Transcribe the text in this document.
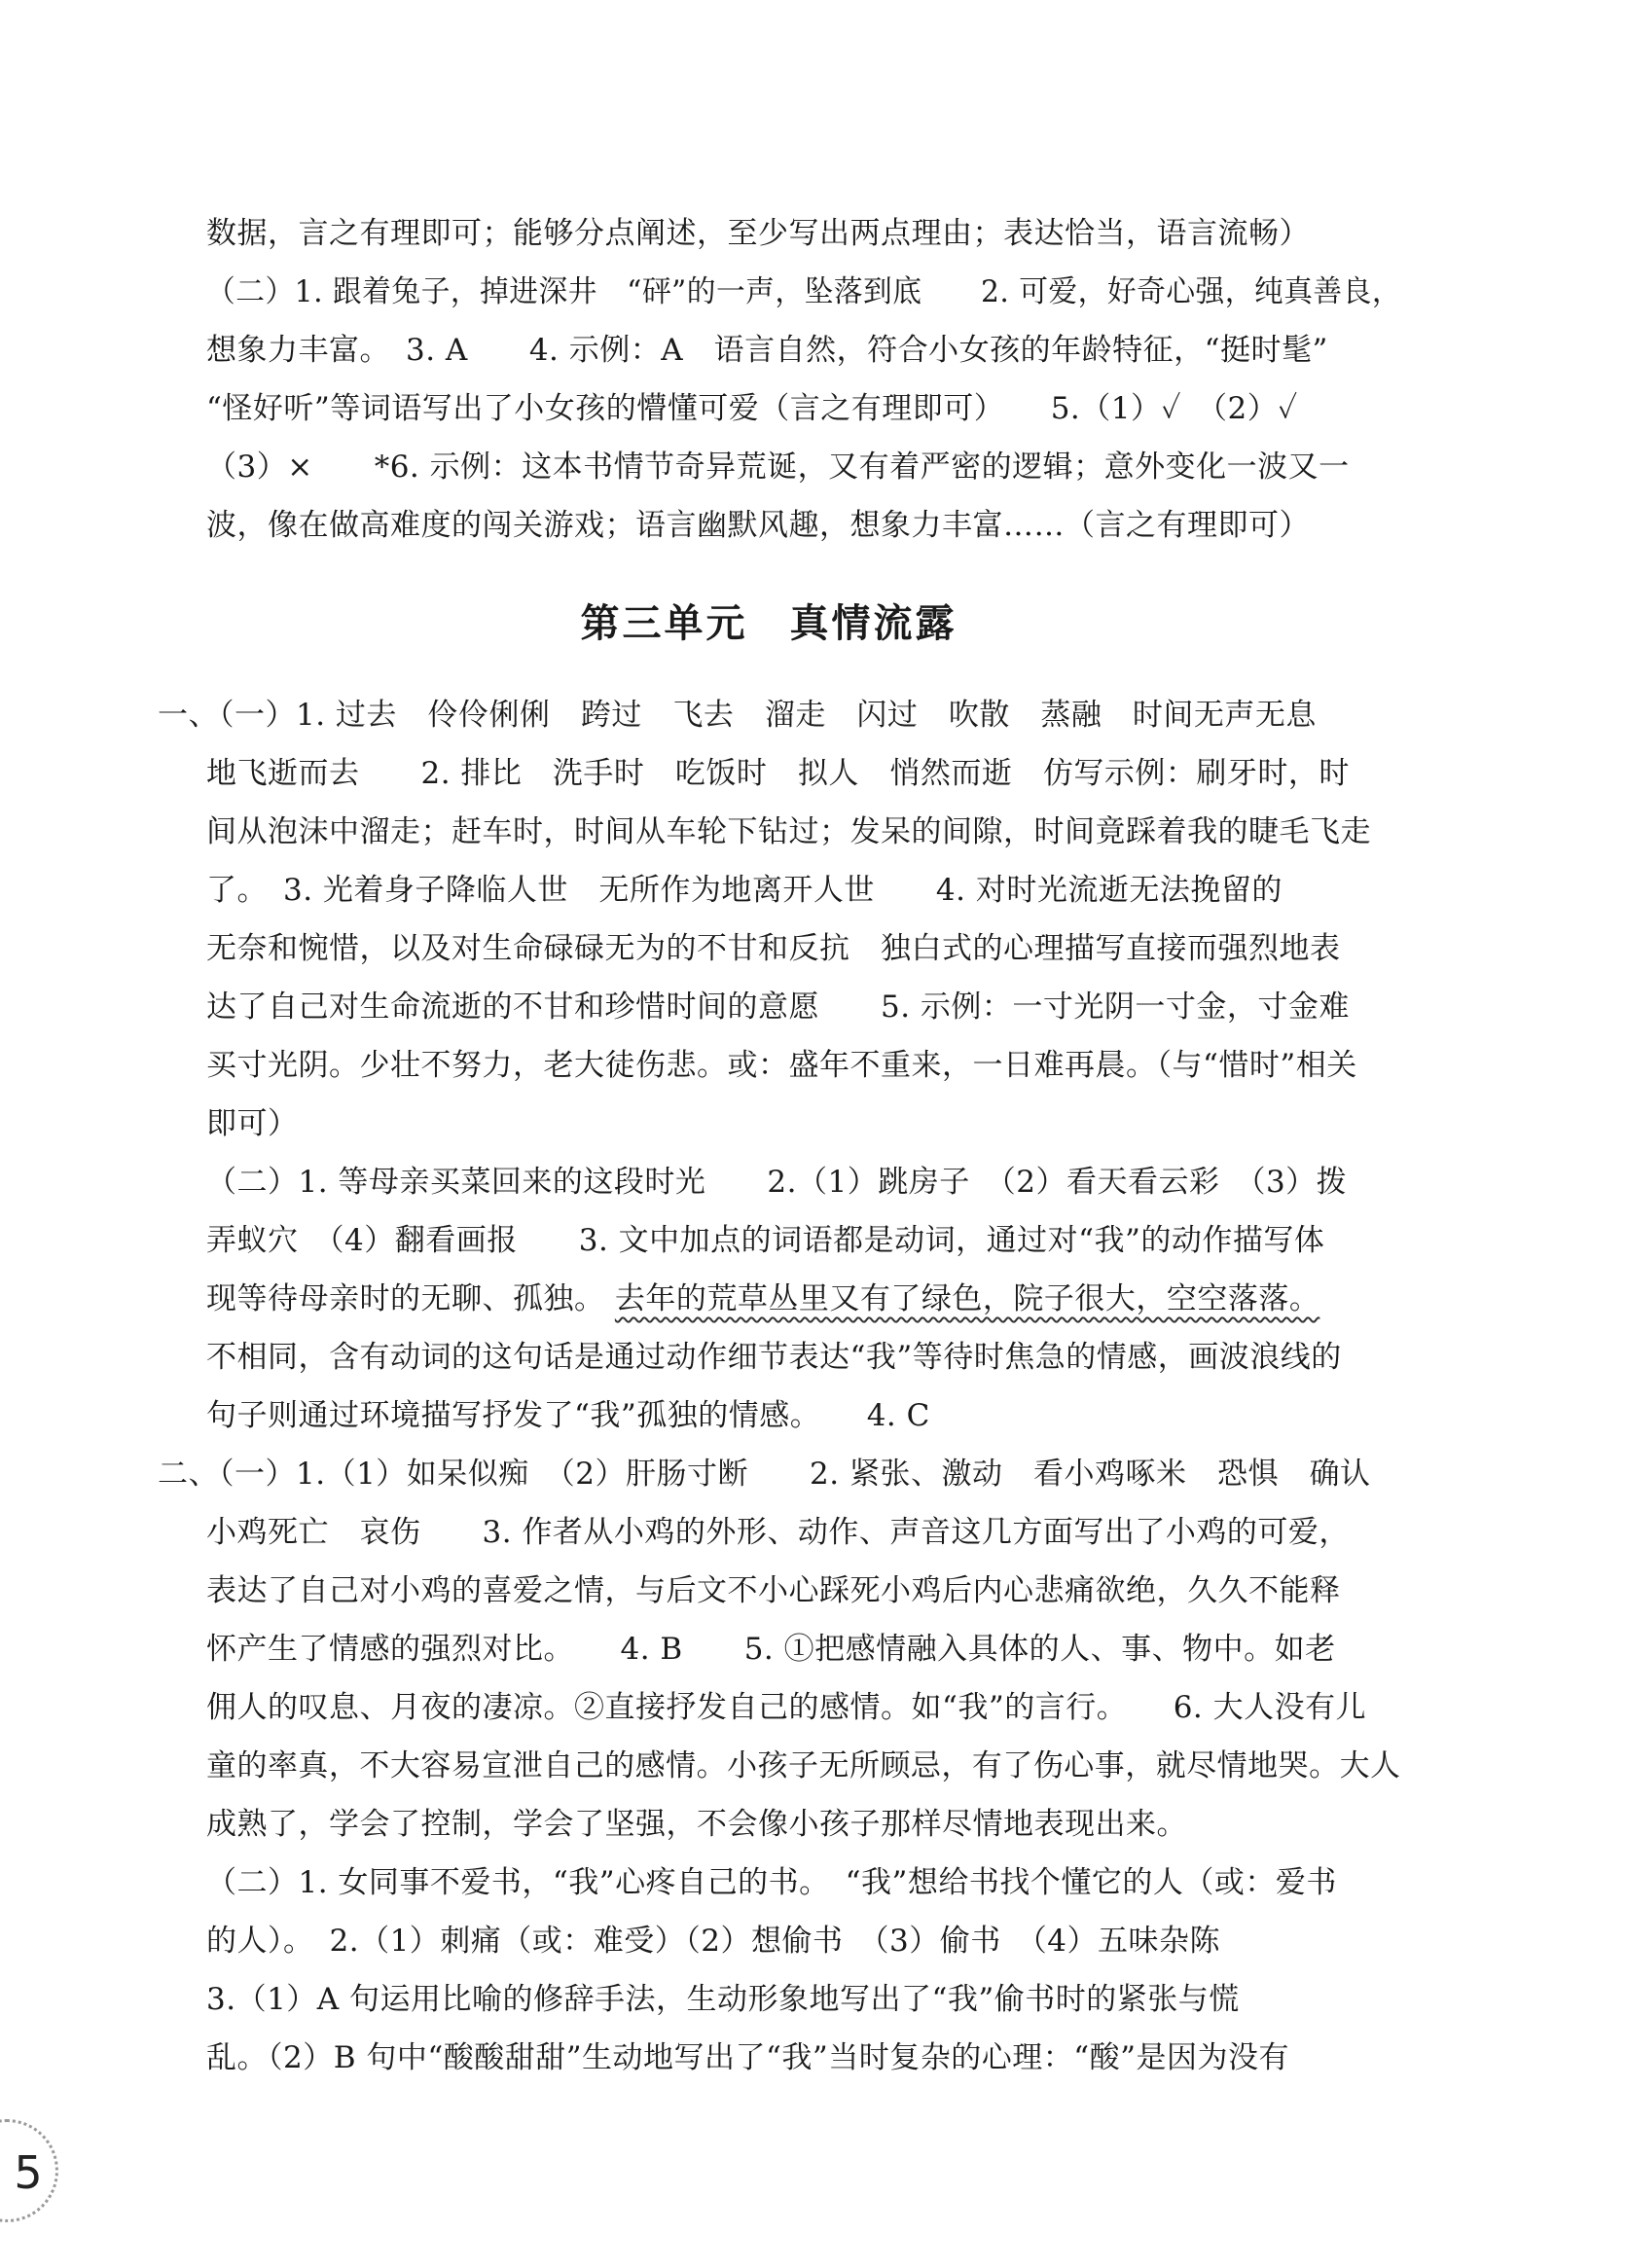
数据，言之有理即可；能够分点阐述，至少写出两点理由；表达恰当，语言流畅）
（二）1. 跟着兔子，掉进深井　“砰”的一声，坠落到底　　2. 可爱，好奇心强，纯真善良，
想象力丰富。　3. A　　4. 示例：A　语言自然，符合小女孩的年龄特征，“挺时髦”
“怪好听”等词语写出了小女孩的懵懂可爱（言之有理即可）　　5.（1）✓　（2）✓
（3）×　　*6. 示例：这本书情节奇异荒诞，又有着严密的逻辑；意外变化一波又一
波，像在做高难度的闯关游戏；语言幽默风趣，想象力丰富……（言之有理即可）
第三单元　真情流露
一、（一）1. 过去　伶伶俐俐　跨过　飞去　溜走　闪过　吹散　蒸融　时间无声无息
地飞逝而去　　2. 排比　洗手时　吃饭时　拟人　悄然而逝　仿写示例：刷牙时，时
间从泡沫中溜走；赶车时，时间从车轮下钻过；发呆的间隙，时间竟踩着我的睫毛飞走
了。　3. 光着身子降临人世　无所作为地离开人世　　4. 对时光流逝无法挽留的
无奈和惋惜，以及对生命碌碌无为的不甘和反抗　独白式的心理描写直接而强烈地表
达了自己对生命流逝的不甘和珍惜时间的意愿　　5. 示例：一寸光阴一寸金，寸金难
买寸光阴。少壮不努力，老大徒伤悲。或：盛年不重来，一日难再晨。（与“惜时”相关
即可）
（二）1. 等母亲买菜回来的这段时光　　2.（1）跳房子　（2）看天看云彩　（3）拨
弄蚁穴　（4）翻看画报　　3. 文中加点的词语都是动词，通过对“我”的动作描写体
现等待母亲时的无聊、孤独。 去年的荒草丛里又有了绿色，院子很大，空空落落。
不相同，含有动词的这句话是通过动作细节表达“我”等待时焦急的情感，画波浪线的
句子则通过环境描写抒发了“我”孤独的情感。　　4. C
二、（一）1.（1）如呆似痴　（2）肝肠寸断　　2. 紧张、激动　看小鸡啄米　恐惧　确认
小鸡死亡　哀伤　　3. 作者从小鸡的外形、动作、声音这几方面写出了小鸡的可爱，
表达了自己对小鸡的喜爱之情，与后文不小心踩死小鸡后内心悲痛欲绝，久久不能释
怀产生了情感的强烈对比。　　4. B　　5. ①把感情融入具体的人、事、物中。如老
佣人的叹息、月夜的凄凉。②直接抒发自己的感情。如“我”的言行。　　6. 大人没有儿
童的率真，不大容易宣泄自己的感情。小孩子无所顾忌，有了伤心事，就尽情地哭。大人
成熟了，学会了控制，学会了坚强，不会像小孩子那样尽情地表现出来。
（二）1. 女同事不爱书，“我”心疼自己的书。　“我”想给书找个懂它的人（或：爱书
的人）。　2.（1）刺痛（或：难受）（2）想偷书　（3）偷书　（4）五味杂陈
3.（1）A 句运用比喻的修辞手法，生动形象地写出了“我”偷书时的紧张与慌
乱。（2）B 句中“酸酸甜甜”生动地写出了“我”当时复杂的心理：“酸”是因为没有
5
